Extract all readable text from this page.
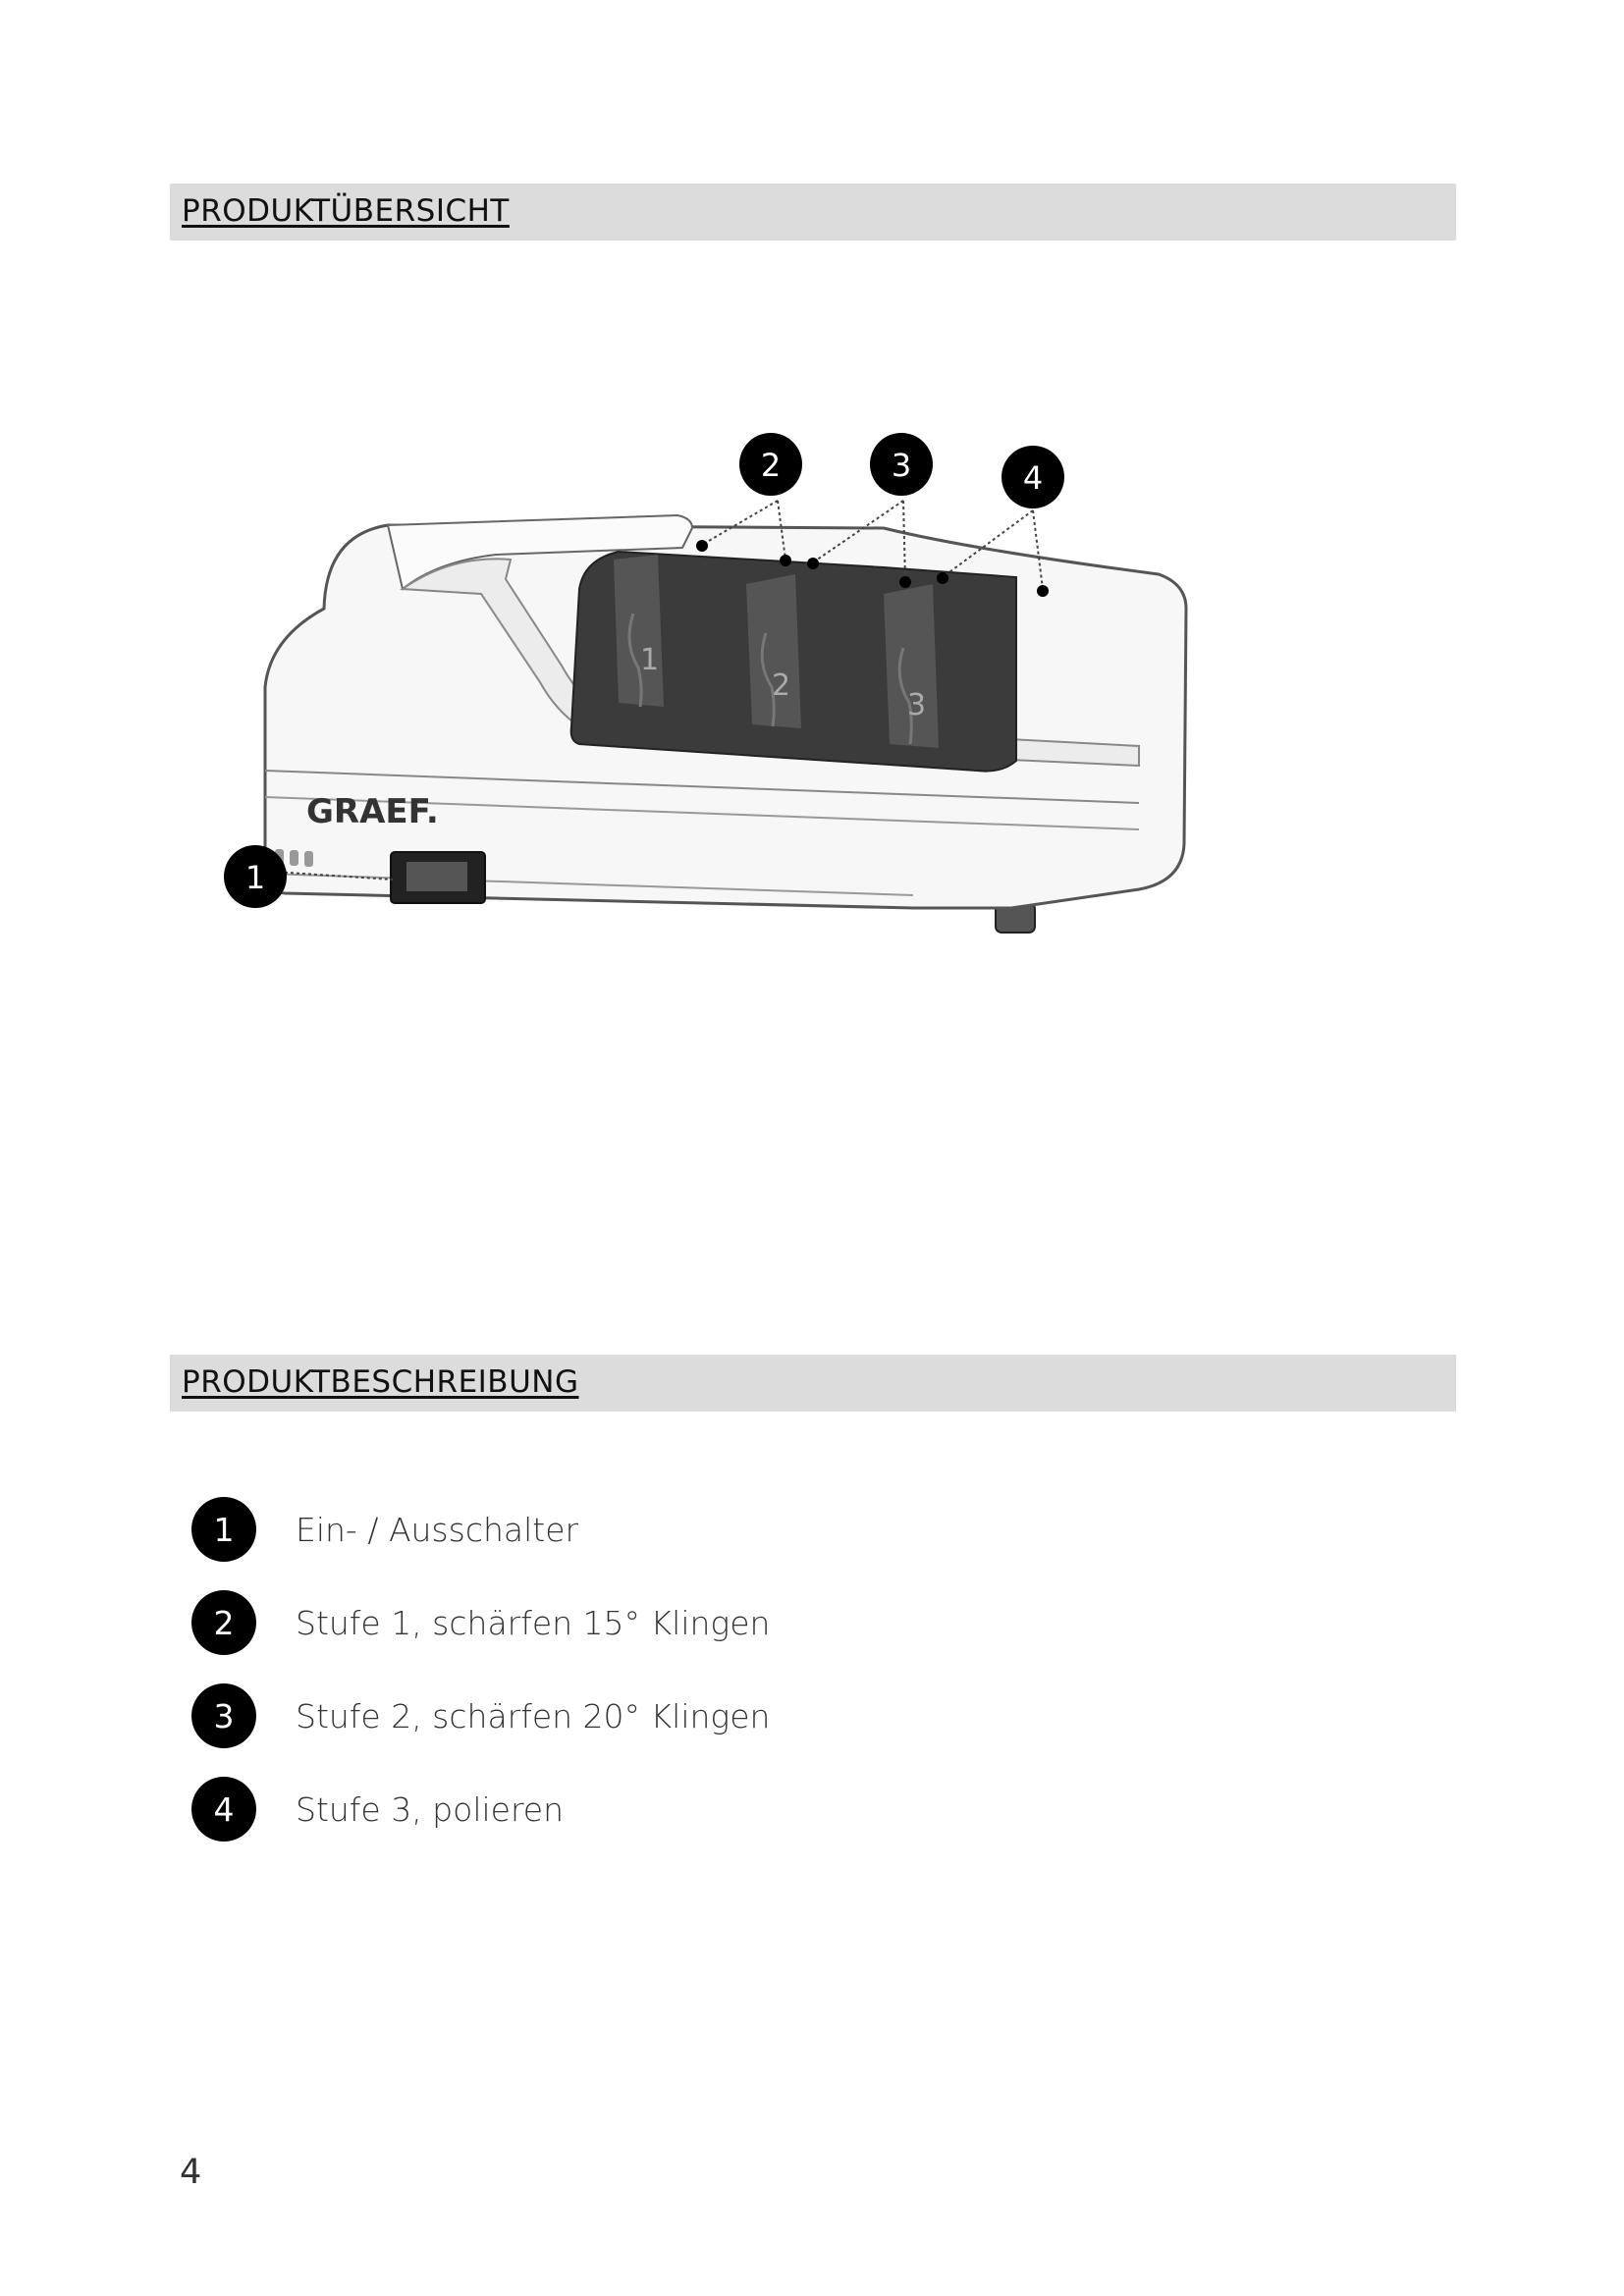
PRODUKTÜBERSICHT
1
2
3
GRAEF.
1
2	3	4
PRODUKTBESCHREIBUNG
1	Ein- / Ausschalter
2	Stufe 1, schärfen 15° Klingen
3	Stufe 2, schärfen 20° Klingen
4	Stufe 3, polieren
4
